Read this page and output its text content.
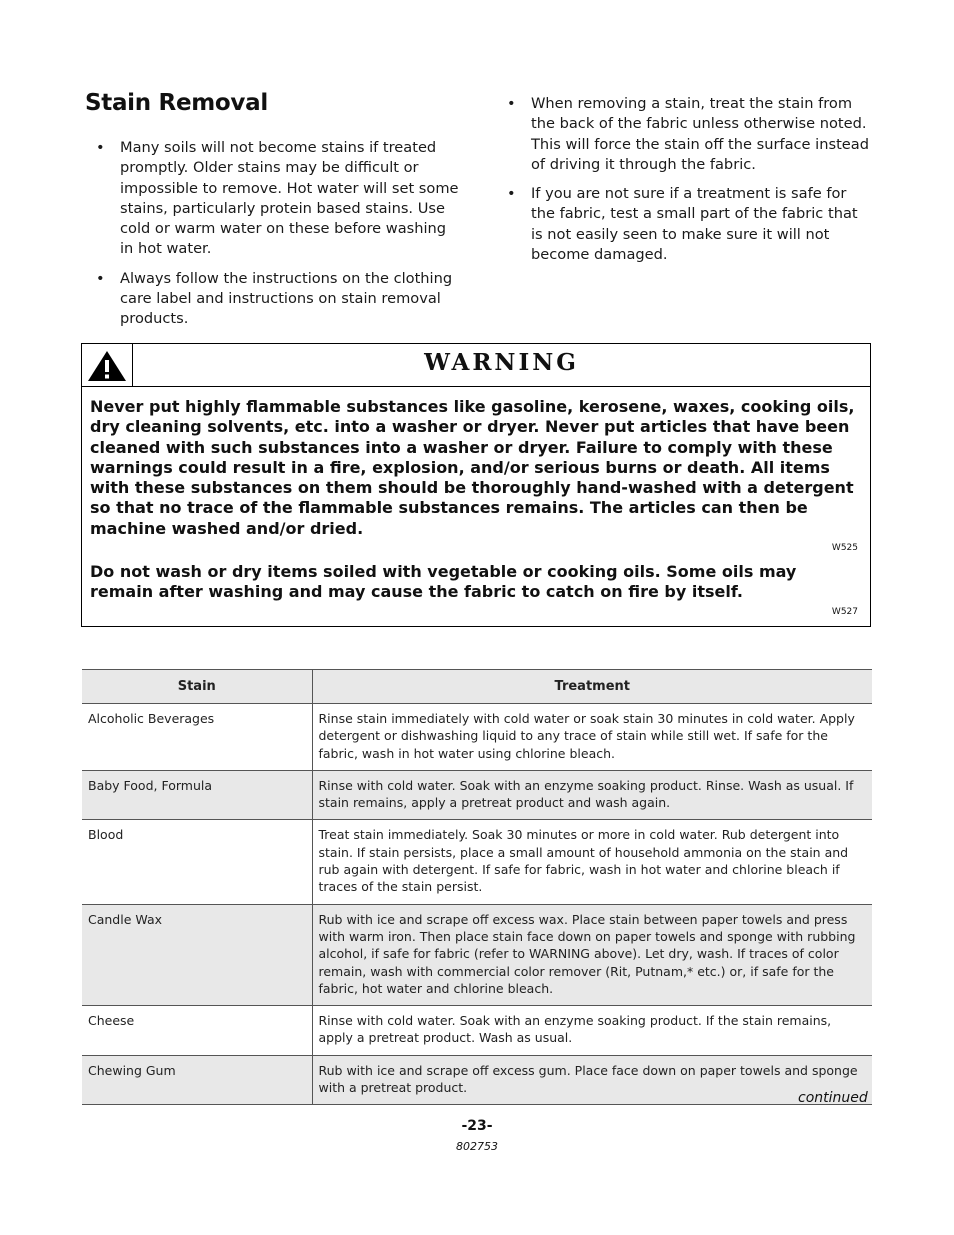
Stain Removal
• Many soils will not become stains if treated promptly. Older stains may be difficult or impossible to remove. Hot water will set some stains, particularly protein based stains. Use cold or warm water on these before washing in hot water.
• Always follow the instructions on the clothing care label and instructions on stain removal products.
• When removing a stain, treat the stain from the back of the fabric unless otherwise noted. This will force the stain off the surface instead of driving it through the fabric.
• If you are not sure if a treatment is safe for the fabric, test a small part of the fabric that is not easily seen to make sure it will not become damaged.
WARNING

Never put highly flammable substances like gasoline, kerosene, waxes, cooking oils, dry cleaning solvents, etc. into a washer or dryer. Never put articles that have been cleaned with such substances into a washer or dryer. Failure to comply with these warnings could result in a fire, explosion, and/or serious burns or death. All items with these substances on them should be thoroughly hand-washed with a detergent so that no trace of the flammable substances remains. The articles can then be machine washed and/or dried.

W525

Do not wash or dry items soiled with vegetable or cooking oils. Some oils may remain after washing and may cause the fabric to catch on fire by itself.

W527
Stain	Treatment
Alcoholic Beverages	Rinse stain immediately with cold water or soak stain 30 minutes in cold water. Apply detergent or dishwashing liquid to any trace of stain while still wet. If safe for the fabric, wash in hot water using chlorine bleach.
Baby Food, Formula	Rinse with cold water. Soak with an enzyme soaking product. Rinse. Wash as usual. If stain remains, apply a pretreat product and wash again.
Blood	Treat stain immediately. Soak 30 minutes or more in cold water. Rub detergent into stain. If stain persists, place a small amount of household ammonia on the stain and rub again with detergent. If safe for fabric, wash in hot water and chlorine bleach if traces of the stain persist.
Candle Wax	Rub with ice and scrape off excess wax. Place stain between paper towels and press with warm iron. Then place stain face down on paper towels and sponge with rubbing alcohol, if safe for fabric (refer to WARNING above). Let dry, wash. If traces of color remain, wash with commercial color remover (Rit, Putnam,* etc.) or, if safe for the fabric, hot water and chlorine bleach.
Cheese	Rinse with cold water. Soak with an enzyme soaking product. If the stain remains, apply a pretreat product. Wash as usual.
Chewing Gum	Rub with ice and scrape off excess gum. Place face down on paper towels and sponge with a pretreat product.
continued
-23-
802753
